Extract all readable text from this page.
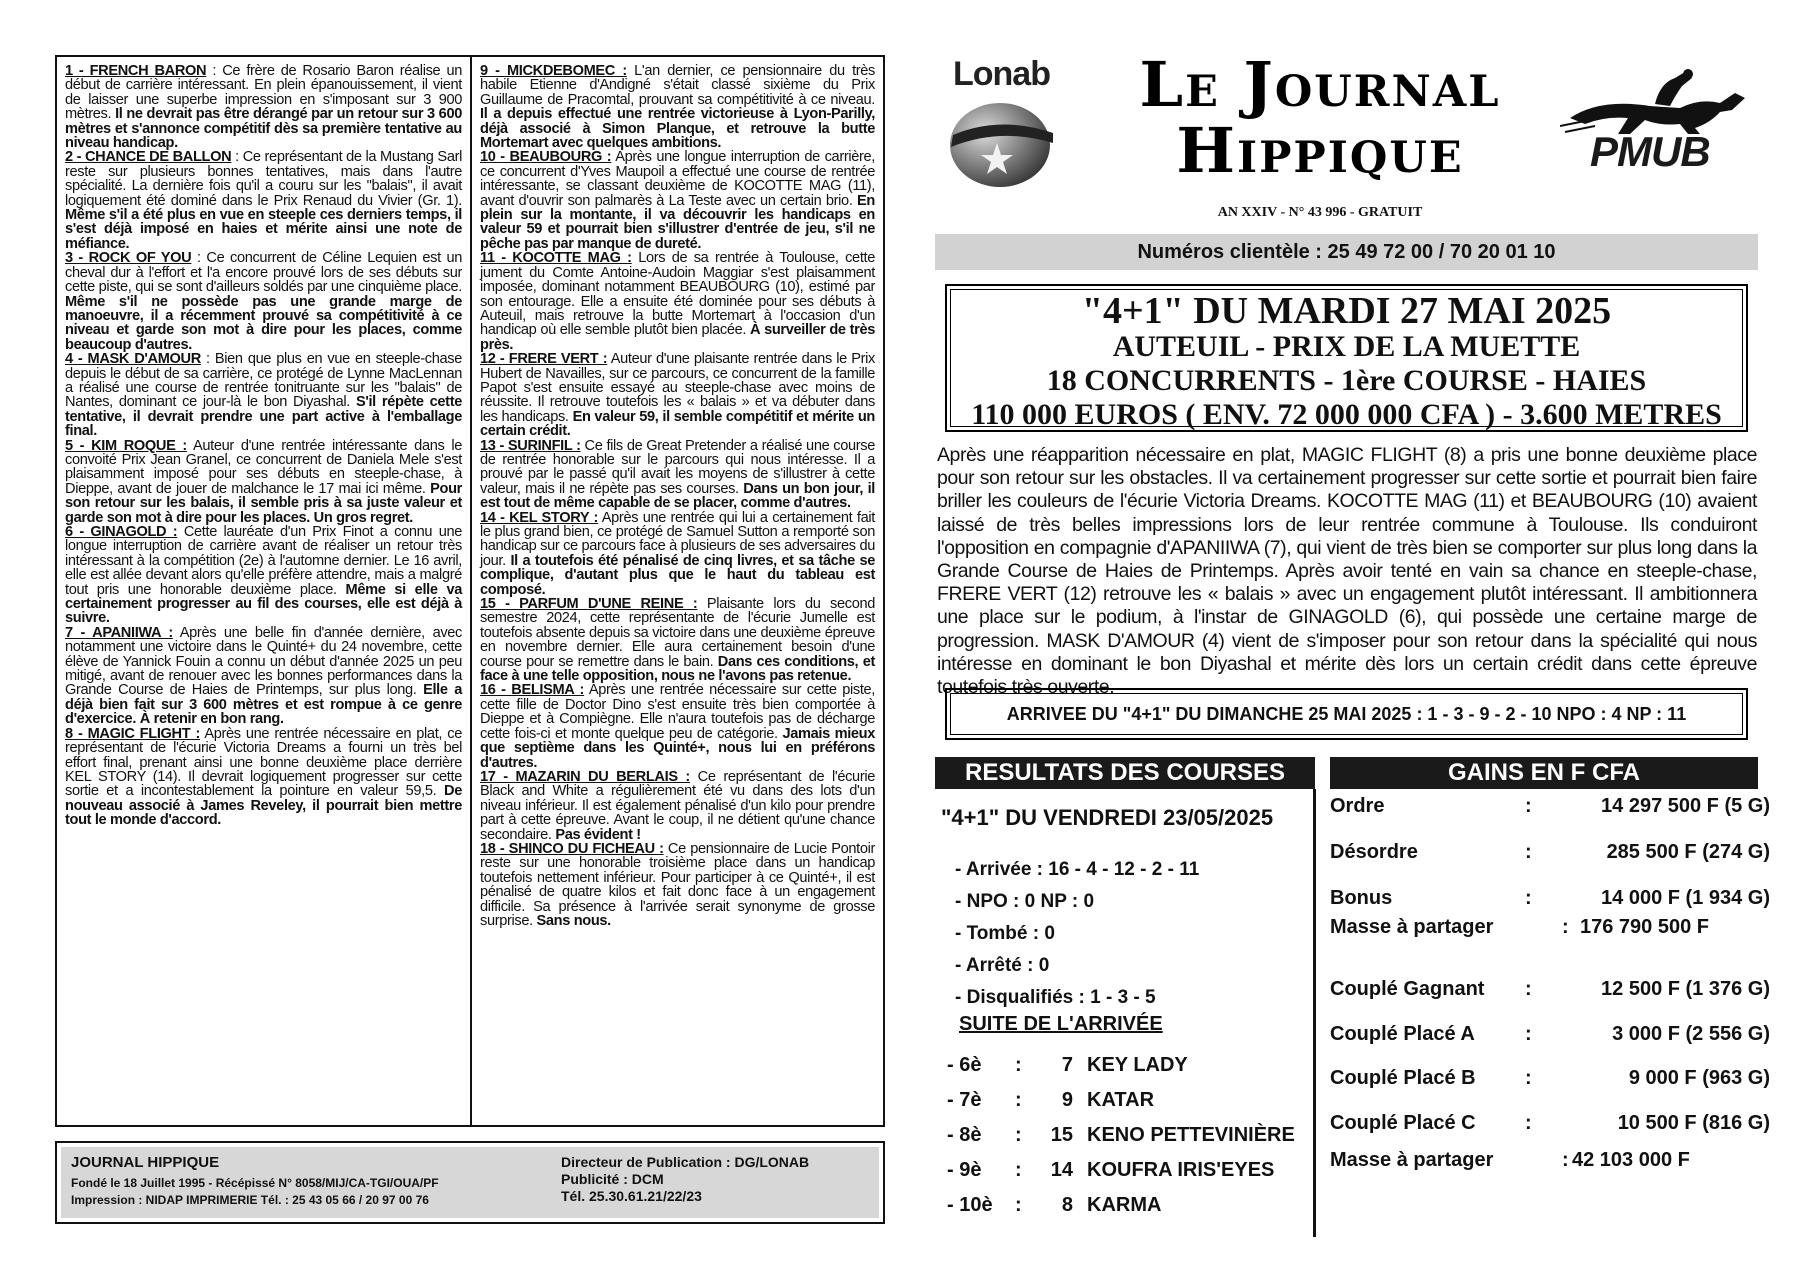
1 - FRENCH BARON : Ce frère de Rosario Baron réalise un début de carrière intéressant. En plein épanouissement, il vient de laisser une superbe impression en s'imposant sur 3 900 mètres. Il ne devrait pas être dérangé par un retour sur 3 600 mètres et s'annonce compétitif dès sa première tentative au niveau handicap.

2 - CHANCE DE BALLON : Ce représentant de la Mustang Sarl reste sur plusieurs bonnes tentatives, mais dans l'autre spécialité. La dernière fois qu'il a couru sur les "balais", il avait logiquement été dominé dans le Prix Renaud du Vivier (Gr. 1). Même s'il a été plus en vue en steeple ces derniers temps, il s'est déjà imposé en haies et mérite ainsi une note de méfiance.

3 - ROCK OF YOU : Ce concurrent de Céline Lequien est un cheval dur à l'effort et l'a encore prouvé lors de ses débuts sur cette piste, qui se sont d'ailleurs soldés par une cinquième place. Même s'il ne possède pas une grande marge de manoeuvre, il a récemment prouvé sa compétitivité à ce niveau et garde son mot à dire pour les places, comme beaucoup d'autres.

4 - MASK D'AMOUR : Bien que plus en vue en steeple-chase depuis le début de sa carrière, ce protégé de Lynne MacLennan a réalisé une course de rentrée tonitruante sur les "balais" de Nantes, dominant ce jour-là le bon Diyashal. S'il répète cette tentative, il devrait prendre une part active à l'emballage final.

5 - KIM ROQUE : Auteur d'une rentrée intéressante dans le convoité Prix Jean Granel, ce concurrent de Daniela Mele s'est plaisamment imposé pour ses débuts en steeple-chase, à Dieppe, avant de jouer de malchance le 17 mai ici même. Pour son retour sur les balais, il semble pris à sa juste valeur et garde son mot à dire pour les places. Un gros regret.

6 - GINAGOLD : Cette lauréate d'un Prix Finot a connu une longue interruption de carrière avant de réaliser un retour très intéressant à la compétition (2e) à l'automne dernier. Le 16 avril, elle est allée devant alors qu'elle préfère attendre, mais a malgré tout pris une honorable deuxième place. Même si elle va certainement progresser au fil des courses, elle est déjà à suivre.

7 - APANIIWA : Après une belle fin d'année dernière, avec notamment une victoire dans le Quinté+ du 24 novembre, cette élève de Yannick Fouin a connu un début d'année 2025 un peu mitigé, avant de renouer avec les bonnes performances dans la Grande Course de Haies de Printemps, sur plus long. Elle a déjà bien fait sur 3 600 mètres et est rompue à ce genre d'exercice. À retenir en bon rang.

8 - MAGIC FLIGHT : Après une rentrée nécessaire en plat, ce représentant de l'écurie Victoria Dreams a fourni un très bel effort final, prenant ainsi une bonne deuxième place derrière KEL STORY (14). Il devrait logiquement progresser sur cette sortie et a incontestablement la pointure en valeur 59,5. De nouveau associé à James Reveley, il pourrait bien mettre tout le monde d'accord.

9 - MICKDEBOMEC : L'an dernier, ce pensionnaire du très habile Etienne d'Andigné s'était classé sixième du Prix Guillaume de Pracomtal, prouvant sa compétitivité à ce niveau. Il a depuis effectué une rentrée victorieuse à Lyon-Parilly, déjà associé à Simon Planque, et retrouve la butte Mortemart avec quelques ambitions.

10 - BEAUBOURG : Après une longue interruption de carrière, ce concurrent d'Yves Maupoil a effectué une course de rentrée intéressante, se classant deuxième de KOCOTTE MAG (11), avant d'ouvrir son palmarès à La Teste avec un certain brio. En plein sur la montante, il va découvrir les handicaps en valeur 59 et pourrait bien s'illustrer d'entrée de jeu, s'il ne pêche pas par manque de dureté.

11 - KOCOTTE MAG : Lors de sa rentrée à Toulouse, cette jument du Comte Antoine-Audoin Maggiar s'est plaisamment imposée, dominant notamment BEAUBOURG (10), estimé par son entourage. Elle a ensuite été dominée pour ses débuts à Auteuil, mais retrouve la butte Mortemart à l'occasion d'un handicap où elle semble plutôt bien placée. À surveiller de très près.

12 - FRERE VERT : Auteur d'une plaisante rentrée dans le Prix Hubert de Navailles, sur ce parcours, ce concurrent de la famille Papot s'est ensuite essayé au steeple-chase avec moins de réussite. Il retrouve toutefois les « balais » et va débuter dans les handicaps. En valeur 59, il semble compétitif et mérite un certain crédit.

13 - SURINFIL : Ce fils de Great Pretender a réalisé une course de rentrée honorable sur le parcours qui nous intéresse. Il a prouvé par le passé qu'il avait les moyens de s'illustrer à cette valeur, mais il ne répète pas ses courses. Dans un bon jour, il est tout de même capable de se placer, comme d'autres.

14 - KEL STORY : Après une rentrée qui lui a certainement fait le plus grand bien, ce protégé de Samuel Sutton a remporté son handicap sur ce parcours face à plusieurs de ses adversaires du jour. Il a toutefois été pénalisé de cinq livres, et sa tâche se complique, d'autant plus que le haut du tableau est composé.

15 - PARFUM D'UNE REINE : Plaisante lors du second semestre 2024, cette représentante de l'écurie Jumelle est toutefois absente depuis sa victoire dans une deuxième épreuve en novembre dernier. Elle aura certainement besoin d'une course pour se remettre dans le bain. Dans ces conditions, et face à une telle opposition, nous ne l'avons pas retenue.

16 - BELISMA : Après une rentrée nécessaire sur cette piste, cette fille de Doctor Dino s'est ensuite très bien comportée à Dieppe et à Compiègne. Elle n'aura toutefois pas de décharge cette fois-ci et monte quelque peu de catégorie. Jamais mieux que septième dans les Quinté+, nous lui en préférons d'autres.

17 - MAZARIN DU BERLAIS : Ce représentant de l'écurie Black and White a régulièrement été vu dans des lots d'un niveau inférieur. Il est également pénalisé d'un kilo pour prendre part à cette épreuve. Avant le coup, il ne détient qu'une chance secondaire. Pas évident !

18 - SHINCO DU FICHEAU : Ce pensionnaire de Lucie Pontoir reste sur une honorable troisième place dans un handicap toutefois nettement inférieur. Pour participer à ce Quinté+, il est pénalisé de quatre kilos et fait donc face à un engagement difficile. Sa présence à l'arrivée serait synonyme de grosse surprise. Sans nous.

JOURNAL HIPPIQUE
Fondé le 18 Juillet 1995 - Récépissé N° 8058/MIJ/CA-TGI/OUA/PF
Impression : NIDAP IMPRIMERIE Tél. : 25 43 05 66 / 20 97 00 76
Directeur de Publication : DG/LONAB
Publicité : DCM
Tél. 25.30.61.21/22/23
Lonab	Le Journal
Hippique
AN XXIV - N° 43 996 - GRATUIT
PMUB
Numéros clientèle : 25 49 72 00 / 70 20 01 10
"4+1" DU MARDI 27 MAI 2025
AUTEUIL - PRIX DE LA MUETTE
18 CONCURRENTS - 1ère COURSE - HAIES
110 000 EUROS ( ENV. 72 000 000 CFA ) - 3.600 METRES
Après une réapparition nécessaire en plat, MAGIC FLIGHT (8) a pris une bonne deuxième place pour son retour sur les obstacles. Il va certainement progresser sur cette sortie et pourrait bien faire briller les couleurs de l'écurie Victoria Dreams. KOCOTTE MAG (11) et BEAUBOURG (10) avaient laissé de très belles impressions lors de leur rentrée commune à Toulouse. Ils conduiront l'opposition en compagnie d'APANIIWA (7), qui vient de très bien se comporter sur plus long dans la Grande Course de Haies de Printemps. Après avoir tenté en vain sa chance en steeple-chase, FRERE VERT (12) retrouve les « balais » avec un engagement plutôt intéressant. Il ambitionnera une place sur le podium, à l'instar de GINAGOLD (6), qui possède une certaine marge de progression. MASK D'AMOUR (4) vient de s'imposer pour son retour dans la spécialité qui nous intéresse en dominant le bon Diyashal et mérite dès lors un certain crédit dans cette épreuve toutefois très ouverte.
ARRIVEE DU "4+1" DU DIMANCHE 25 MAI 2025 : 1 - 3 - 9 - 2 - 10 NPO : 4 NP : 11
RESULTATS DES COURSES	GAINS EN F CFA
"4+1" DU VENDREDI 23/05/2025
- Arrivée : 16 - 4 - 12 - 2 - 11
- NPO : 0 NP : 0
- Tombé : 0
- Arrêté : 0
- Disqualifiés : 1 - 3 - 5
SUITE DE L'ARRIVÉE
- 6è :	7 KEY LADY
- 7è :	9 KATAR
- 8è :	15 KENO PETTEVINIÈRE
- 9è :	14 KOUFRA IRIS'EYES
- 10è :	8 KARMA
Ordre	:	14 297 500 F (5 G)
Désordre	:	285 500 F (274 G)
Bonus	:	14 000 F (1 934 G)
Masse à partager	: 176 790 500 F
Couplé Gagnant :	12 500 F (1 376 G)
Couplé Placé A	:	3 000 F (2 556 G)
Couplé Placé B :	9 000 F (963 G)
Couplé Placé C :	10 500 F (816 G)
Masse à partager	: 42 103 000 F
